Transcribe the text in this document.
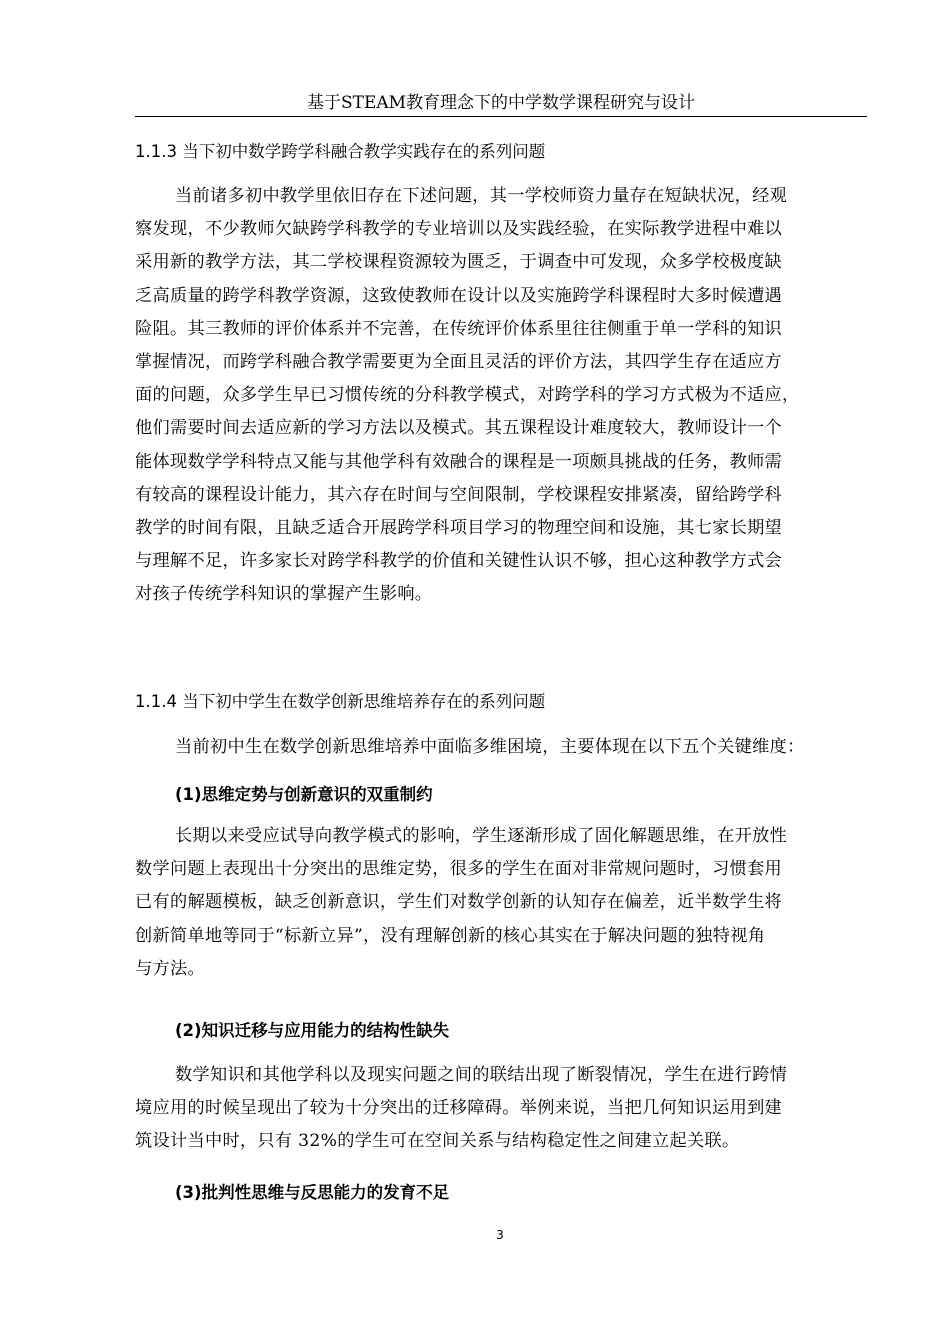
基于STEAM教育理念下的中学数学课程研究与设计
1.1.3 当下初中数学跨学科融合教学实践存在的系列问题
当前诸多初中教学里依旧存在下述问题，其一学校师资力量存在短缺状况，经观
察发现，不少教师欠缺跨学科教学的专业培训以及实践经验，在实际教学进程中难以
采用新的教学方法，其二学校课程资源较为匮乏，于调查中可发现，众多学校极度缺
乏高质量的跨学科教学资源，这致使教师在设计以及实施跨学科课程时大多时候遭遇
险阻。其三教师的评价体系并不完善，在传统评价体系里往往侧重于单一学科的知识
掌握情况，而跨学科融合教学需要更为全面且灵活的评价方法，其四学生存在适应方
面的问题，众多学生早已习惯传统的分科教学模式，对跨学科的学习方式极为不适应，
他们需要时间去适应新的学习方法以及模式。其五课程设计难度较大，教师设计一个
能体现数学学科特点又能与其他学科有效融合的课程是一项颇具挑战的任务，教师需
有较高的课程设计能力，其六存在时间与空间限制，学校课程安排紧凑，留给跨学科
教学的时间有限，且缺乏适合开展跨学科项目学习的物理空间和设施，其七家长期望
与理解不足，许多家长对跨学科教学的价值和关键性认识不够，担心这种教学方式会
对孩子传统学科知识的掌握产生影响。
1.1.4 当下初中学生在数学创新思维培养存在的系列问题
当前初中生在数学创新思维培养中面临多维困境，主要体现在以下五个关键维度：
(1)思维定势与创新意识的双重制约
长期以来受应试导向教学模式的影响，学生逐渐形成了固化解题思维，在开放性
数学问题上表现出十分突出的思维定势，很多的学生在面对非常规问题时，习惯套用
已有的解题模板，缺乏创新意识，学生们对数学创新的认知存在偏差，近半数学生将
创新简单地等同于“标新立异”，没有理解创新的核心其实在于解决问题的独特视角
与方法。
(2)知识迁移与应用能力的结构性缺失
数学知识和其他学科以及现实问题之间的联结出现了断裂情况，学生在进行跨情
境应用的时候呈现出了较为十分突出的迁移障碍。举例来说，当把几何知识运用到建
筑设计当中时，只有 32%的学生可在空间关系与结构稳定性之间建立起关联。
(3)批判性思维与反思能力的发育不足
3
